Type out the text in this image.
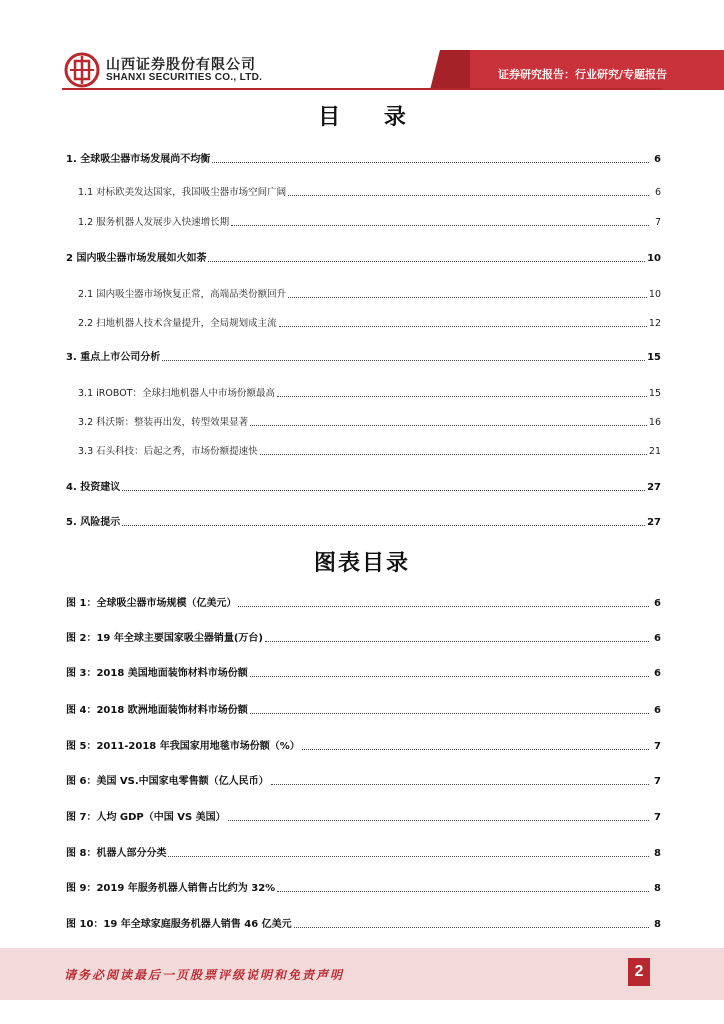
山西证券股份有限公司
SHANXI SECURITIES CO., LTD.	证券研究报告：行业研究/专题报告
目 录
1. 全球吸尘器市场发展尚不均衡	6
1.1 对标欧美发达国家，我国吸尘器市场空间广阔	6
1.2 服务机器人发展步入快速增长期	7
2 国内吸尘器市场发展如火如荼	10
2.1 国内吸尘器市场恢复正常，高端品类份额回升	10
2.2 扫地机器人技术含量提升，全局规划成主流	12
3. 重点上市公司分析	15
3.1 iROBOT：全球扫地机器人中市场份额最高	15
3.2 科沃斯：整装再出发，转型效果显著	16
3.3 石头科技：后起之秀，市场份额提速快	21
4. 投资建议	27
5. 风险提示	27
图表目录
图 1：全球吸尘器市场规模（亿美元）	6
图 2：19 年全球主要国家吸尘器销量(万台)	6
图 3：2018 美国地面装饰材料市场份额	6
图 4：2018 欧洲地面装饰材料市场份额	6
图 5：2011-2018 年我国家用地毯市场份额（%）	7
图 6：美国 VS.中国家电零售额（亿人民币）	7
图 7：人均 GDP（中国 VS 美国）	7
图 8：机器人部分分类	8
图 9：2019 年服务机器人销售占比约为 32%	8
图 10：19 年全球家庭服务机器人销售 46 亿美元	8
请务必阅读最后一页股票评级说明和免责声明	2
